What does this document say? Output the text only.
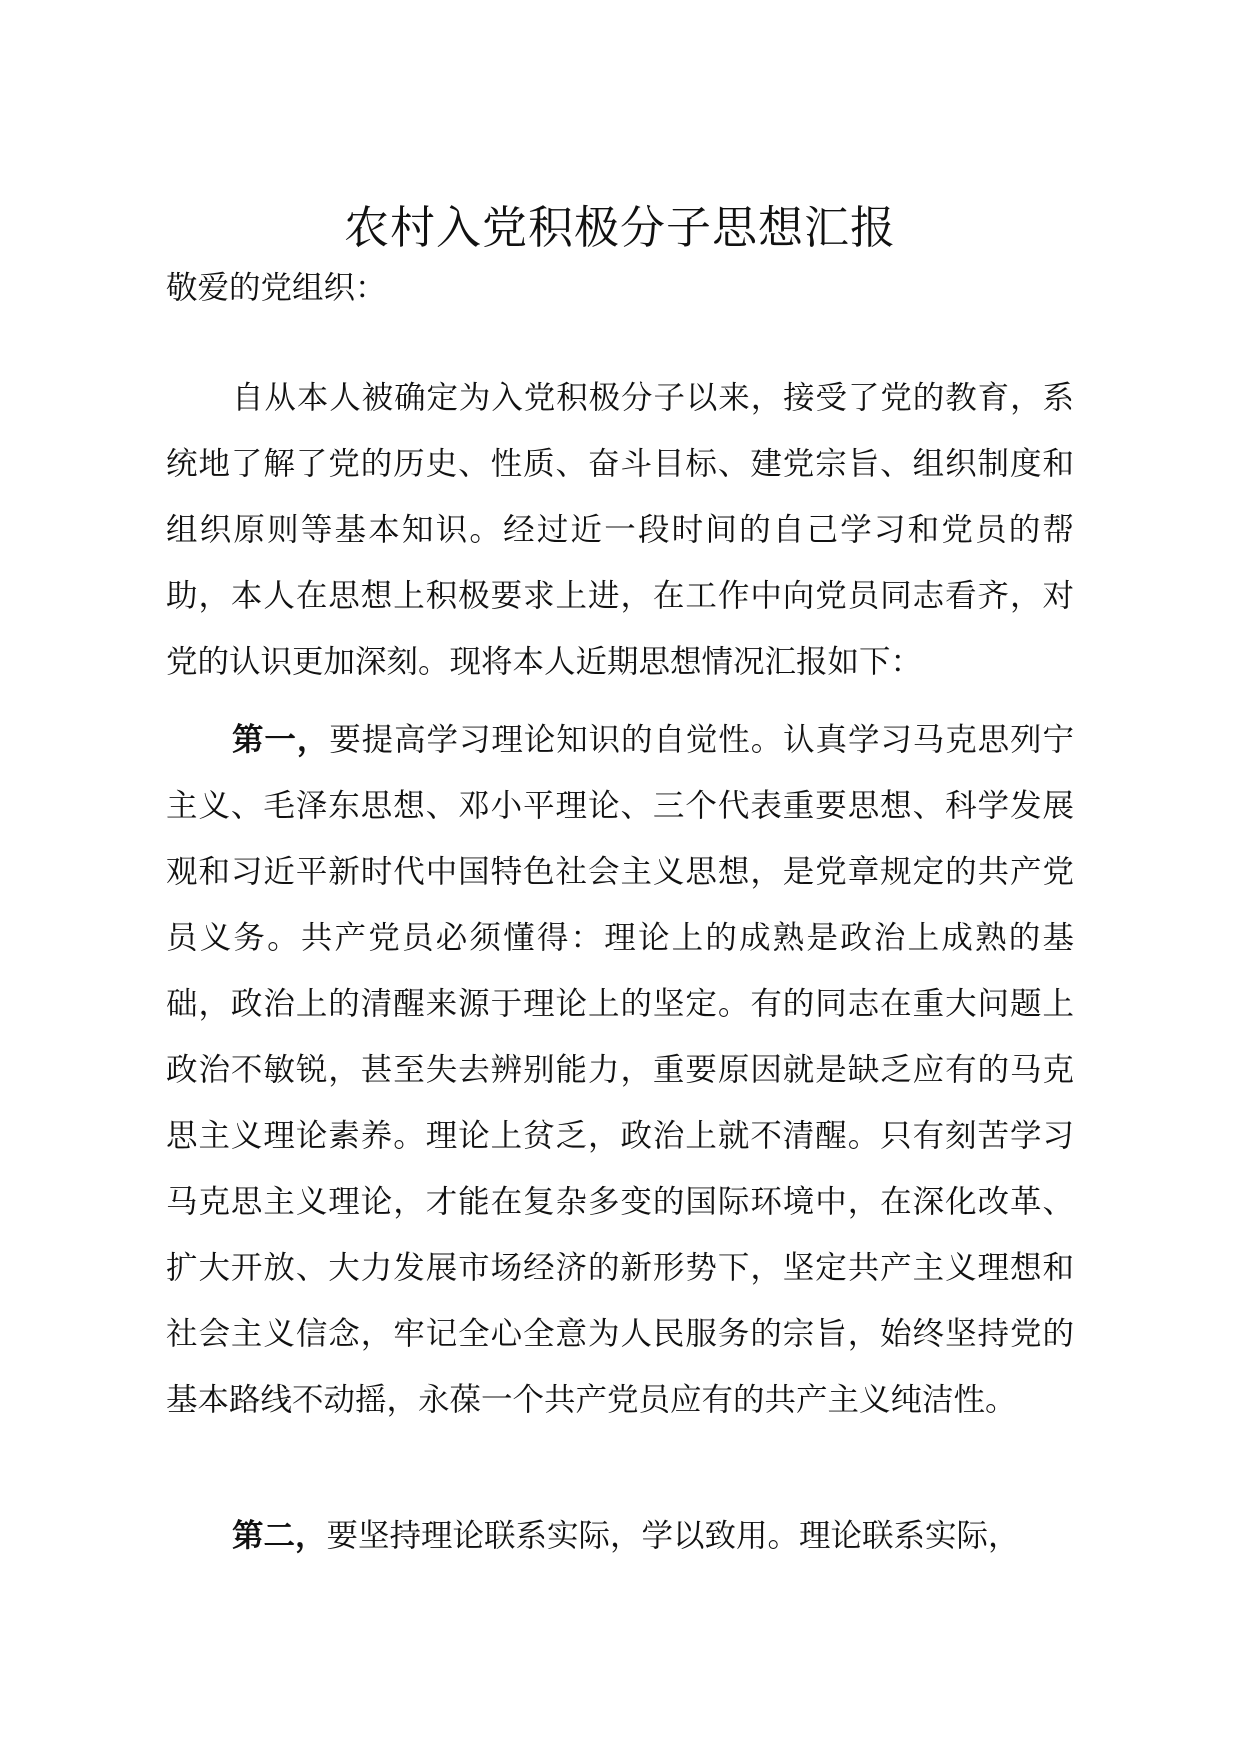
农村入党积极分子思想汇报

敬爱的党组织：

自从本人被确定为入党积极分子以来，接受了党的教育，系统地了解了党的历史、性质、奋斗目标、建党宗旨、组织制度和组织原则等基本知识。经过近一段时间的自己学习和党员的帮助，本人在思想上积极要求上进，在工作中向党员同志看齐，对党的认识更加深刻。现将本人近期思想情况汇报如下：

第一，要提高学习理论知识的自觉性。认真学习马克思列宁主义、毛泽东思想、邓小平理论、三个代表重要思想、科学发展观和习近平新时代中国特色社会主义思想，是党章规定的共产党员义务。共产党员必须懂得：理论上的成熟是政治上成熟的基础，政治上的清醒来源于理论上的坚定。有的同志在重大问题上政治不敏锐，甚至失去辨别能力，重要原因就是缺乏应有的马克思主义理论素养。理论上贫乏，政治上就不清醒。只有刻苦学习马克思主义理论，才能在复杂多变的国际环境中，在深化改革、扩大开放、大力发展市场经济的新形势下，坚定共产主义理想和社会主义信念，牢记全心全意为人民服务的宗旨，始终坚持党的基本路线不动摇，永葆一个共产党员应有的共产主义纯洁性。

第二，要坚持理论联系实际，学以致用。理论联系实际，
